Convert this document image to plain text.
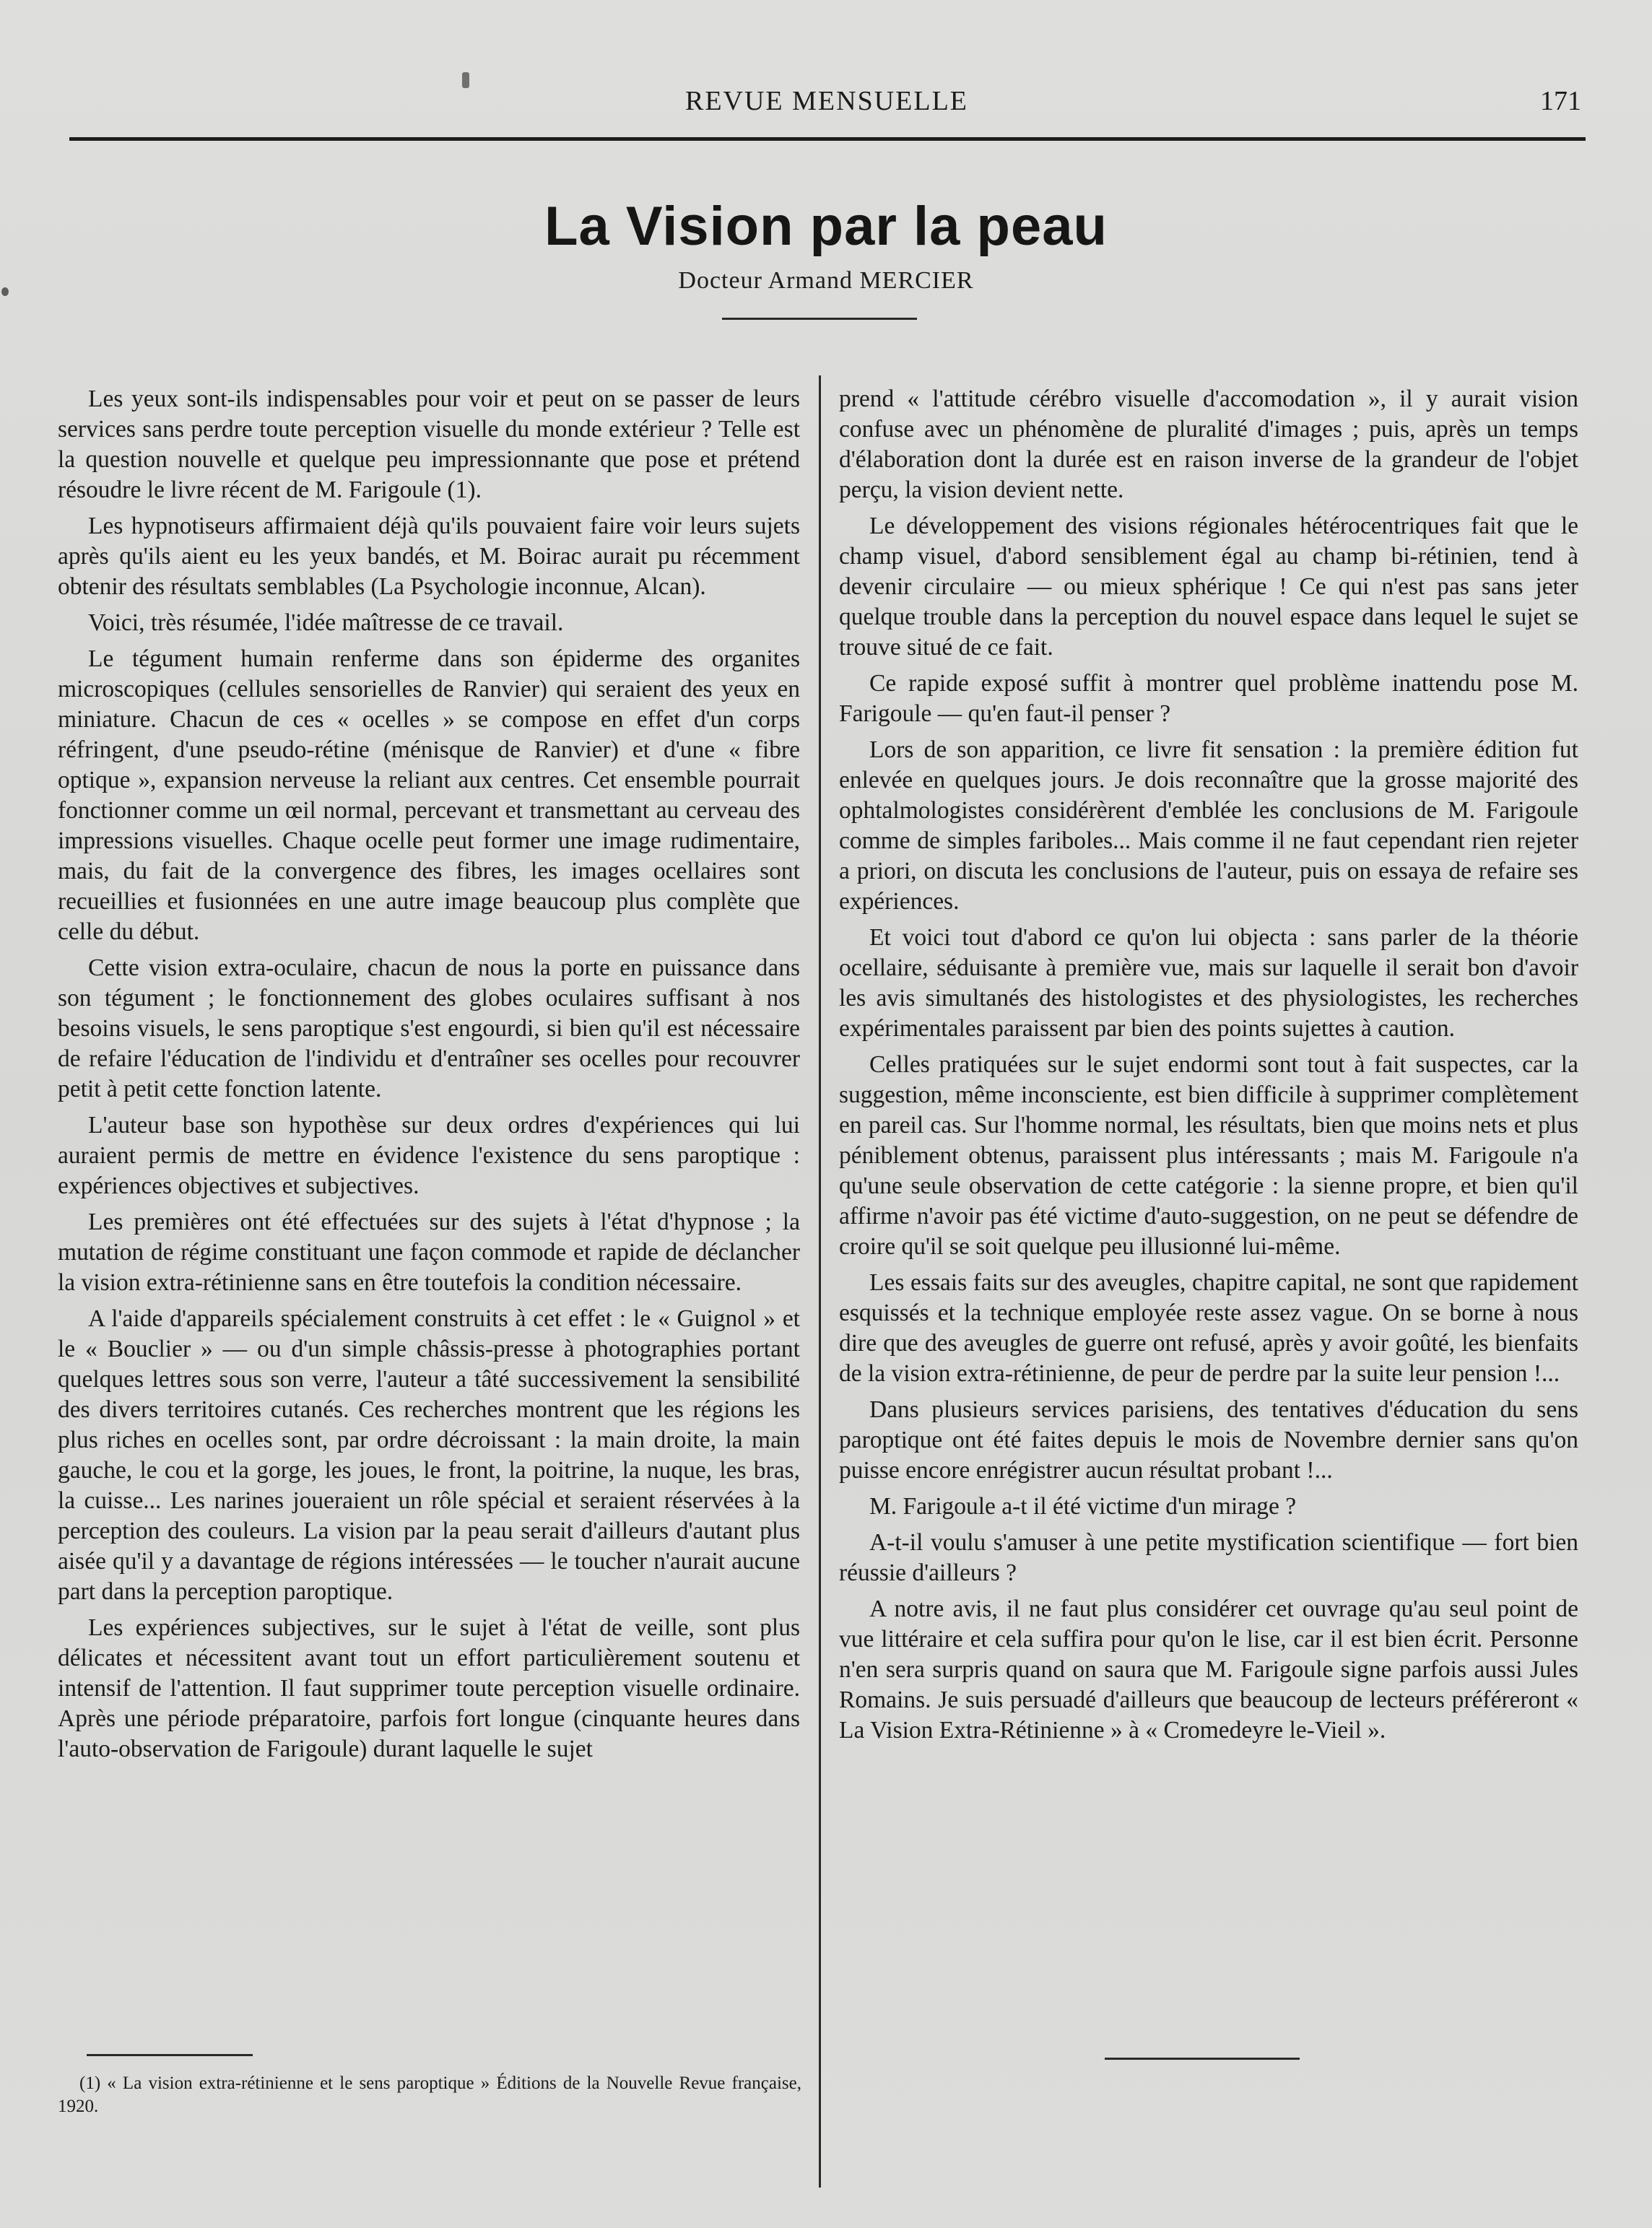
REVUE MENSUELLE	171
La Vision par la peau
Docteur Armand MERCIER

Les yeux sont-ils indispensables pour voir et peut on se passer de leurs services sans perdre toute perception visuelle du monde extérieur ? Telle est la question nouvelle et quelque peu impressionnante que pose et prétend résoudre le livre récent de M. Farigoule (1).

Les hypnotiseurs affirmaient déjà qu'ils pouvaient faire voir leurs sujets après qu'ils aient eu les yeux bandés, et M. Boirac aurait pu récemment obtenir des résultats semblables (La Psychologie inconnue, Alcan).

Voici, très résumée, l'idée maîtresse de ce travail.

Le tégument humain renferme dans son épiderme des organites microscopiques (cellules sensorielles de Ranvier) qui seraient des yeux en miniature. Chacun de ces « ocelles » se compose en effet d'un corps réfringent, d'une pseudo-rétine (ménisque de Ranvier) et d'une « fibre optique », expansion nerveuse la reliant aux centres. Cet ensemble pourrait fonctionner comme un œil normal, percevant et transmettant au cerveau des impressions visuelles. Chaque ocelle peut former une image rudimentaire, mais, du fait de la convergence des fibres, les images ocellaires sont recueillies et fusionnées en une autre image beaucoup plus complète que celle du début.

Cette vision extra-oculaire, chacun de nous la porte en puissance dans son tégument ; le fonctionnement des globes oculaires suffisant à nos besoins visuels, le sens paroptique s'est engourdi, si bien qu'il est nécessaire de refaire l'éducation de l'individu et d'entraîner ses ocelles pour recouvrer petit à petit cette fonction latente.

L'auteur base son hypothèse sur deux ordres d'expériences qui lui auraient permis de mettre en évidence l'existence du sens paroptique : expériences objectives et subjectives.

Les premières ont été effectuées sur des sujets à l'état d'hypnose ; la mutation de régime constituant une façon commode et rapide de déclancher la vision extra-rétinienne sans en être toutefois la condition nécessaire.

A l'aide d'appareils spécialement construits à cet effet : le « Guignol » et le « Bouclier » — ou d'un simple châssis-presse à photographies portant quelques lettres sous son verre, l'auteur a tâté successivement la sensibilité des divers territoires cutanés. Ces recherches montrent que les régions les plus riches en ocelles sont, par ordre décroissant : la main droite, la main gauche, le cou et la gorge, les joues, le front, la poitrine, la nuque, les bras, la cuisse... Les narines joueraient un rôle spécial et seraient réservées à la perception des couleurs. La vision par la peau serait d'ailleurs d'autant plus aisée qu'il y a davantage de régions intéressées — le toucher n'aurait aucune part dans la perception paroptique.

Les expériences subjectives, sur le sujet à l'état de veille, sont plus délicates et nécessitent avant tout un effort particulièrement soutenu et intensif de l'attention. Il faut supprimer toute perception visuelle ordinaire. Après une période préparatoire, parfois fort longue (cinquante heures dans l'auto-observation de Farigoule) durant laquelle le sujet

prend « l'attitude cérébro visuelle d'accomodation », il y aurait vision confuse avec un phénomène de pluralité d'images ; puis, après un temps d'élaboration dont la durée est en raison inverse de la grandeur de l'objet perçu, la vision devient nette.

Le développement des visions régionales hétérocentriques fait que le champ visuel, d'abord sensiblement égal au champ bi-rétinien, tend à devenir circulaire — ou mieux sphérique ! Ce qui n'est pas sans jeter quelque trouble dans la perception du nouvel espace dans lequel le sujet se trouve situé de ce fait.

Ce rapide exposé suffit à montrer quel problème inattendu pose M. Farigoule — qu'en faut-il penser ?

Lors de son apparition, ce livre fit sensation : la première édition fut enlevée en quelques jours. Je dois reconnaître que la grosse majorité des ophtalmologistes considérèrent d'emblée les conclusions de M. Farigoule comme de simples fariboles... Mais comme il ne faut cependant rien rejeter a priori, on discuta les conclusions de l'auteur, puis on essaya de refaire ses expériences.

Et voici tout d'abord ce qu'on lui objecta : sans parler de la théorie ocellaire, séduisante à première vue, mais sur laquelle il serait bon d'avoir les avis simultanés des histologistes et des physiologistes, les recherches expérimentales paraissent par bien des points sujettes à caution.

Celles pratiquées sur le sujet endormi sont tout à fait suspectes, car la suggestion, même inconsciente, est bien difficile à supprimer complètement en pareil cas. Sur l'homme normal, les résultats, bien que moins nets et plus péniblement obtenus, paraissent plus intéressants ; mais M. Farigoule n'a qu'une seule observation de cette catégorie : la sienne propre, et bien qu'il affirme n'avoir pas été victime d'auto-suggestion, on ne peut se défendre de croire qu'il se soit quelque peu illusionné lui-même.

Les essais faits sur des aveugles, chapitre capital, ne sont que rapidement esquissés et la technique employée reste assez vague. On se borne à nous dire que des aveugles de guerre ont refusé, après y avoir goûté, les bienfaits de la vision extra-rétinienne, de peur de perdre par la suite leur pension !...

Dans plusieurs services parisiens, des tentatives d'éducation du sens paroptique ont été faites depuis le mois de Novembre dernier sans qu'on puisse encore enrégistrer aucun résultat probant !...

M. Farigoule a-t il été victime d'un mirage ?

A-t-il voulu s'amuser à une petite mystification scientifique — fort bien réussie d'ailleurs ?

A notre avis, il ne faut plus considérer cet ouvrage qu'au seul point de vue littéraire et cela suffira pour qu'on le lise, car il est bien écrit. Personne n'en sera surpris quand on saura que M. Farigoule signe parfois aussi Jules Romains. Je suis persuadé d'ailleurs que beaucoup de lecteurs préféreront « La Vision Extra-Rétinienne » à « Cromedeyre le-Vieil ».

(1) « La vision extra-rétinienne et le sens paroptique » Éditions de la Nouvelle Revue française, 1920.
